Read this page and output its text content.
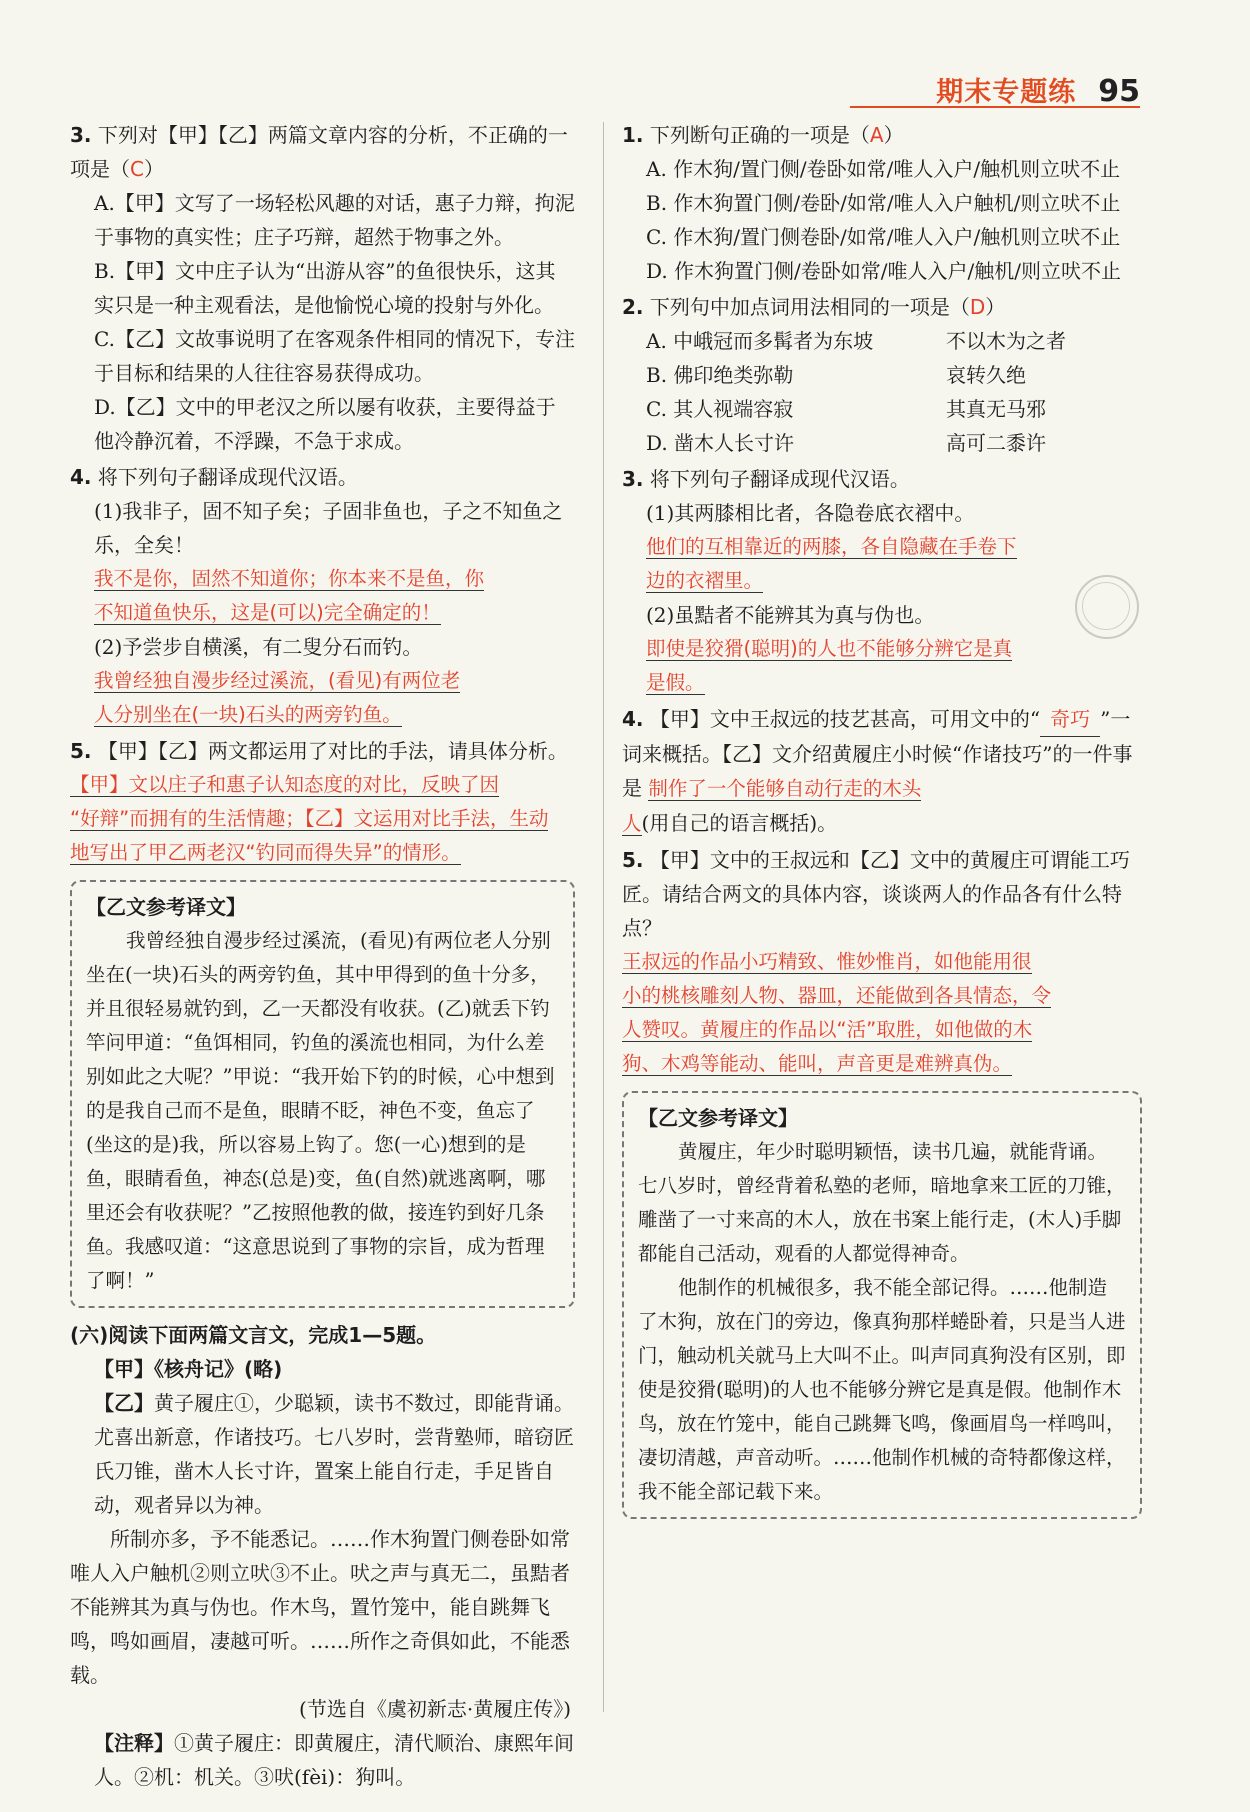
期末专题练 95

3. 下列对【甲】【乙】两篇文章内容的分析，不正确的一项是（C）

A.【甲】文写了一场轻松风趣的对话，惠子力辩，拘泥于事物的真实性；庄子巧辩，超然于物事之外。

B.【甲】文中庄子认为“出游从容”的鱼很快乐，这其实只是一种主观看法，是他愉悦心境的投射与外化。

C.【乙】文故事说明了在客观条件相同的情况下，专注于目标和结果的人往往容易获得成功。

D.【乙】文中的甲老汉之所以屡有收获，主要得益于他冷静沉着，不浮躁，不急于求成。

4. 将下列句子翻译成现代汉语。

(1)我非子，固不知子矣；子固非鱼也，子之不知鱼之乐，全矣！

我不是你，固然不知道你；你本来不是鱼，你
不知道鱼快乐，这是(可以)完全确定的！

(2)予尝步自横溪，有二叟分石而钓。

我曾经独自漫步经过溪流，(看见)有两位老
人分别坐在(一块)石头的两旁钓鱼。

5. 【甲】【乙】两文都运用了对比的手法，请具体分析。

【甲】文以庄子和惠子认知态度的对比，反映了因
“好辩”而拥有的生活情趣；【乙】文运用对比手法，生动
地写出了甲乙两老汉“钓同而得失异”的情形。
【乙文参考译文】
我曾经独自漫步经过溪流，(看见)有两位老人分别坐在(一块)石头的两旁钓鱼，其中甲得到的鱼十分多，并且很轻易就钓到，乙一天都没有收获。(乙)就丢下钓竿问甲道：“鱼饵相同，钓鱼的溪流也相同，为什么差别如此之大呢？”甲说：“我开始下钓的时候，心中想到的是我自己而不是鱼，眼睛不眨，神色不变，鱼忘了(坐这的是)我，所以容易上钩了。您(一心)想到的是鱼，眼睛看鱼，神态(总是)变，鱼(自然)就逃离啊，哪里还会有收获呢？”乙按照他教的做，接连钓到好几条鱼。我感叹道：“这意思说到了事物的宗旨，成为哲理了啊！”

(六)阅读下面两篇文言文，完成1—5题。

【甲】《核舟记》(略)

【乙】黄子履庄①，少聪颖，读书不数过，即能背诵。尤喜出新意，作诸技巧。七八岁时，尝背塾师，暗窃匠氏刀锥，凿木人长寸许，置案上能自行走，手足皆自动，观者异以为神。

所制亦多，予不能悉记。……作木狗置门侧卷卧如常唯人入户触机②则立吠③不止。吠之声与真无二，虽黠者不能辨其为真与伪也。作木鸟，置竹笼中，能自跳舞飞鸣，鸣如画眉，凄越可听。……所作之奇俱如此，不能悉载。

(节选自《虞初新志·黄履庄传》)

【注释】①黄子履庄：即黄履庄，清代顺治、康熙年间人。②机：机关。③吠(fèi)：狗叫。

1. 下列断句正确的一项是（A）

A. 作木狗/置门侧/卷卧如常/唯人入户/触机则立吠不止

B. 作木狗置门侧/卷卧/如常/唯人入户触机/则立吠不止

C. 作木狗/置门侧卷卧/如常/唯人入户/触机则立吠不止

D. 作木狗置门侧/卷卧如常/唯人入户/触机/则立吠不止

2. 下列句中加点词用法相同的一项是（D）

A. 中峨冠而多髯者为东坡	不以木为之者
B. 佛印绝类弥勒	哀转久绝
C. 其人视端容寂	其真无马邪
D. 凿木人长寸许	高可二黍许

3. 将下列句子翻译成现代汉语。

(1)其两膝相比者，各隐卷底衣褶中。

他们的互相靠近的两膝，各自隐藏在手卷下
边的衣褶里。

(2)虽黠者不能辨其为真与伪也。

即使是狡猾(聪明)的人也不能够分辨它是真
是假。

4. 【甲】文中王叔远的技艺甚高，可用文中的“ 奇巧 ”一词来概括。【乙】文介绍黄履庄小时候“作诸技巧”的一件事是 制作了一个能够自动行走的木头
人(用自己的语言概括)。

5. 【甲】文中的王叔远和【乙】文中的黄履庄可谓能工巧匠。请结合两文的具体内容，谈谈两人的作品各有什么特点？

王叔远的作品小巧精致、惟妙惟肖，如他能用很
小的桃核雕刻人物、器皿，还能做到各具情态，令
人赞叹。黄履庄的作品以“活”取胜，如他做的木
狗、木鸡等能动、能叫，声音更是难辨真伪。
【乙文参考译文】
黄履庄，年少时聪明颖悟，读书几遍，就能背诵。七八岁时，曾经背着私塾的老师，暗地拿来工匠的刀锥，雕凿了一寸来高的木人，放在书案上能行走，(木人)手脚都能自己活动，观看的人都觉得神奇。
他制作的机械很多，我不能全部记得。……他制造了木狗，放在门的旁边，像真狗那样蜷卧着，只是当人进门，触动机关就马上大叫不止。叫声同真狗没有区别，即使是狡猾(聪明)的人也不能够分辨它是真是假。他制作木鸟，放在竹笼中，能自己跳舞飞鸣，像画眉鸟一样鸣叫，凄切清越，声音动听。……他制作机械的奇特都像这样，我不能全部记载下来。
